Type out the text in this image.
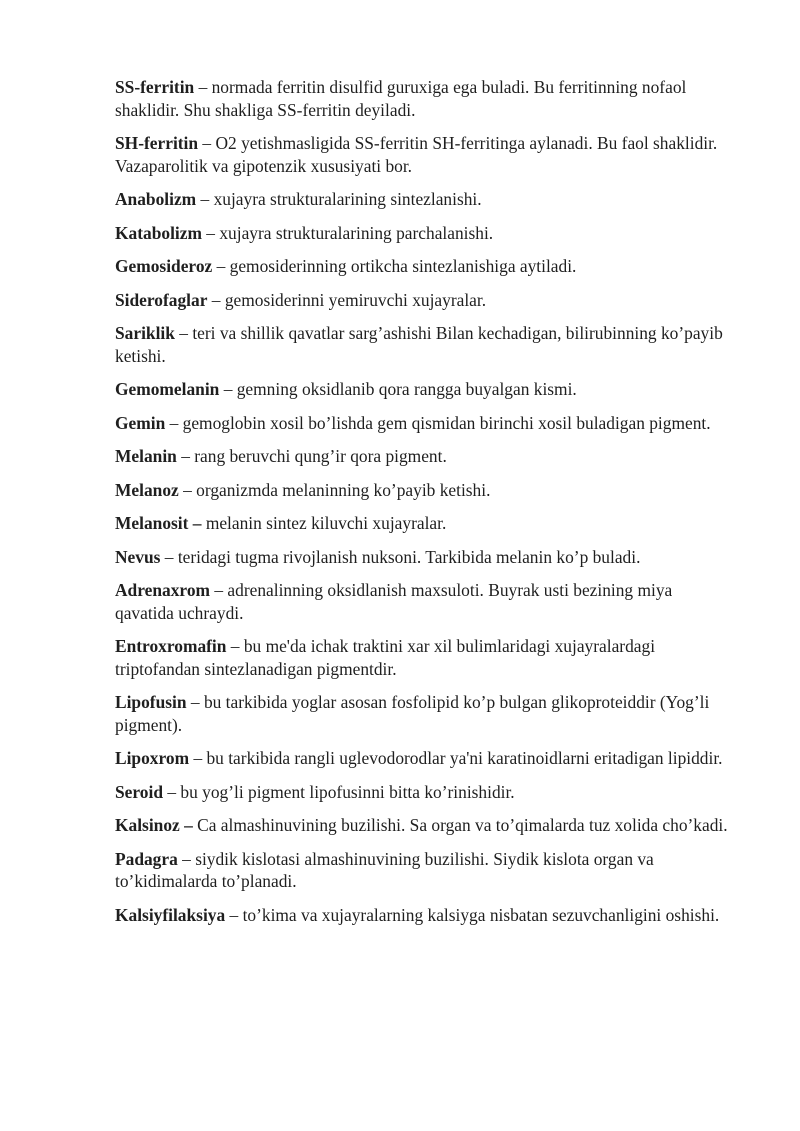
SS-ferritin – normada ferritin disulfid guruxiga ega buladi. Bu ferritinning nofaol shaklidir. Shu shakliga SS-ferritin deyiladi.

SH-ferritin – O2 yetishmasligida SS-ferritin SH-ferritinga aylanadi. Bu faol shaklidir. Vazaparolitik va gipotenzik xususiyati bor.

Anabolizm – xujayra strukturalarining sintezlanishi.

Katabolizm – xujayra strukturalarining parchalanishi.

Gemosideroz – gemosiderinning ortikcha sintezlanishiga aytiladi.

Siderofaglar – gemosiderinni yemiruvchi xujayralar.

Sariklik – teri va shillik qavatlar sarg’ashishi Bilan kechadigan, bilirubinning ko’payib ketishi.

Gemomelanin – gemning oksidlanib qora rangga buyalgan kismi.

Gemin – gemoglobin xosil bo’lishda gem qismidan birinchi xosil buladigan pigment.

Melanin – rang beruvchi qung’ir qora pigment.

Melanoz – organizmda melaninning ko’payib ketishi.

Melanosit – melanin sintez kiluvchi xujayralar.

Nevus – teridagi tugma rivojlanish nuksoni. Tarkibida melanin ko’p buladi.

Adrenaxrom – adrenalinning oksidlanish maxsuloti. Buyrak usti bezining miya qavatida uchraydi.

Entroxromafin – bu me'da ichak traktini xar xil bulimlaridagi xujayralardagi triptofandan sintezlanadigan pigmentdir.

Lipofusin – bu tarkibida yoglar asosan fosfolipid ko’p bulgan glikoproteiddir (Yog’li pigment).

Lipoxrom – bu tarkibida rangli uglevodorodlar ya'ni karatinoidlarni eritadigan lipiddir.

Seroid – bu yog’li pigment lipofusinni bitta ko’rinishidir.

Kalsinoz – Ca almashinuvining buzilishi. Sa organ va to’qimalarda tuz xolida cho’kadi.

Padagra – siydik kislotasi almashinuvining buzilishi. Siydik kislota organ va to’kidimalarda to’planadi.

Kalsiyfilaksiya – to’kima va xujayralarning kalsiyga nisbatan sezuvchanligini oshishi.
